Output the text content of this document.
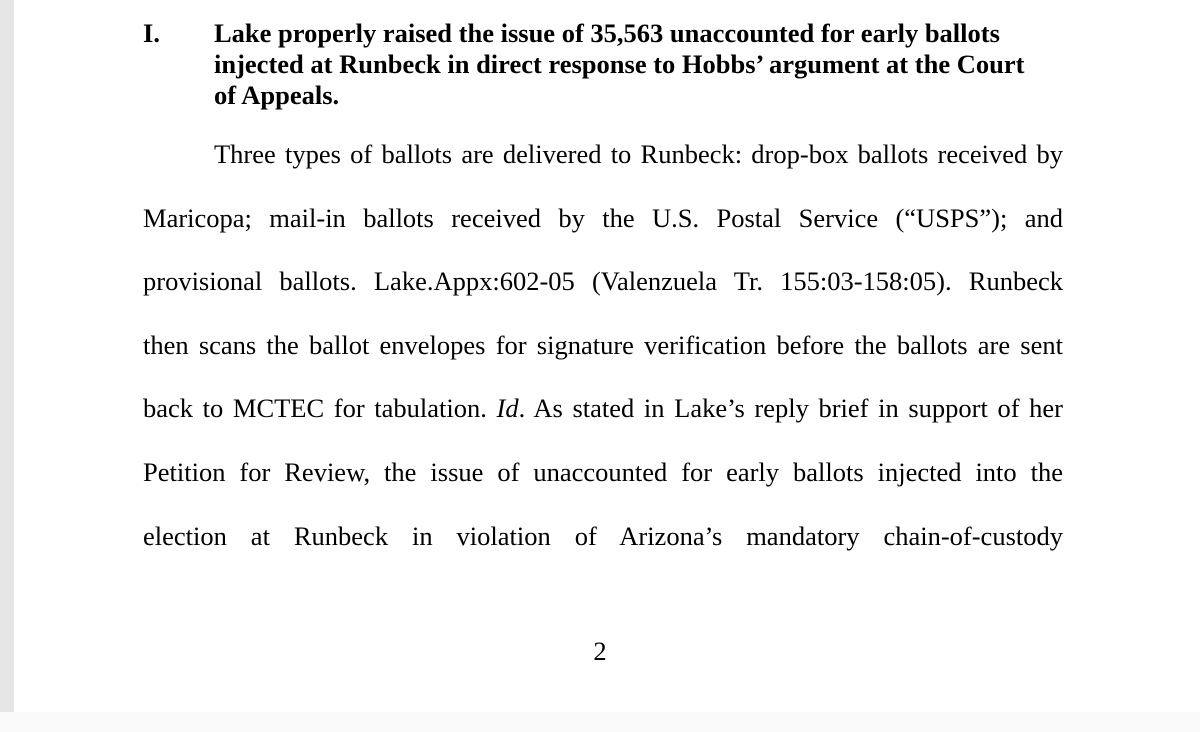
I. Lake properly raised the issue of 35,563 unaccounted for early ballots
injected at Runbeck in direct response to Hobbs’ argument at the Court
of Appeals.
Three types of ballots are delivered to Runbeck: drop-box ballots received by
Maricopa; mail-in ballots received by the U.S. Postal Service (“USPS”); and
provisional ballots. Lake.Appx:602-05 (Valenzuela Tr. 155:03-158:05). Runbeck
then scans the ballot envelopes for signature verification before the ballots are sent
back to MCTEC for tabulation. Id. As stated in Lake’s reply brief in support of her
Petition for Review, the issue of unaccounted for early ballots injected into the
election at Runbeck in violation of Arizona’s mandatory chain-of-custody
2
